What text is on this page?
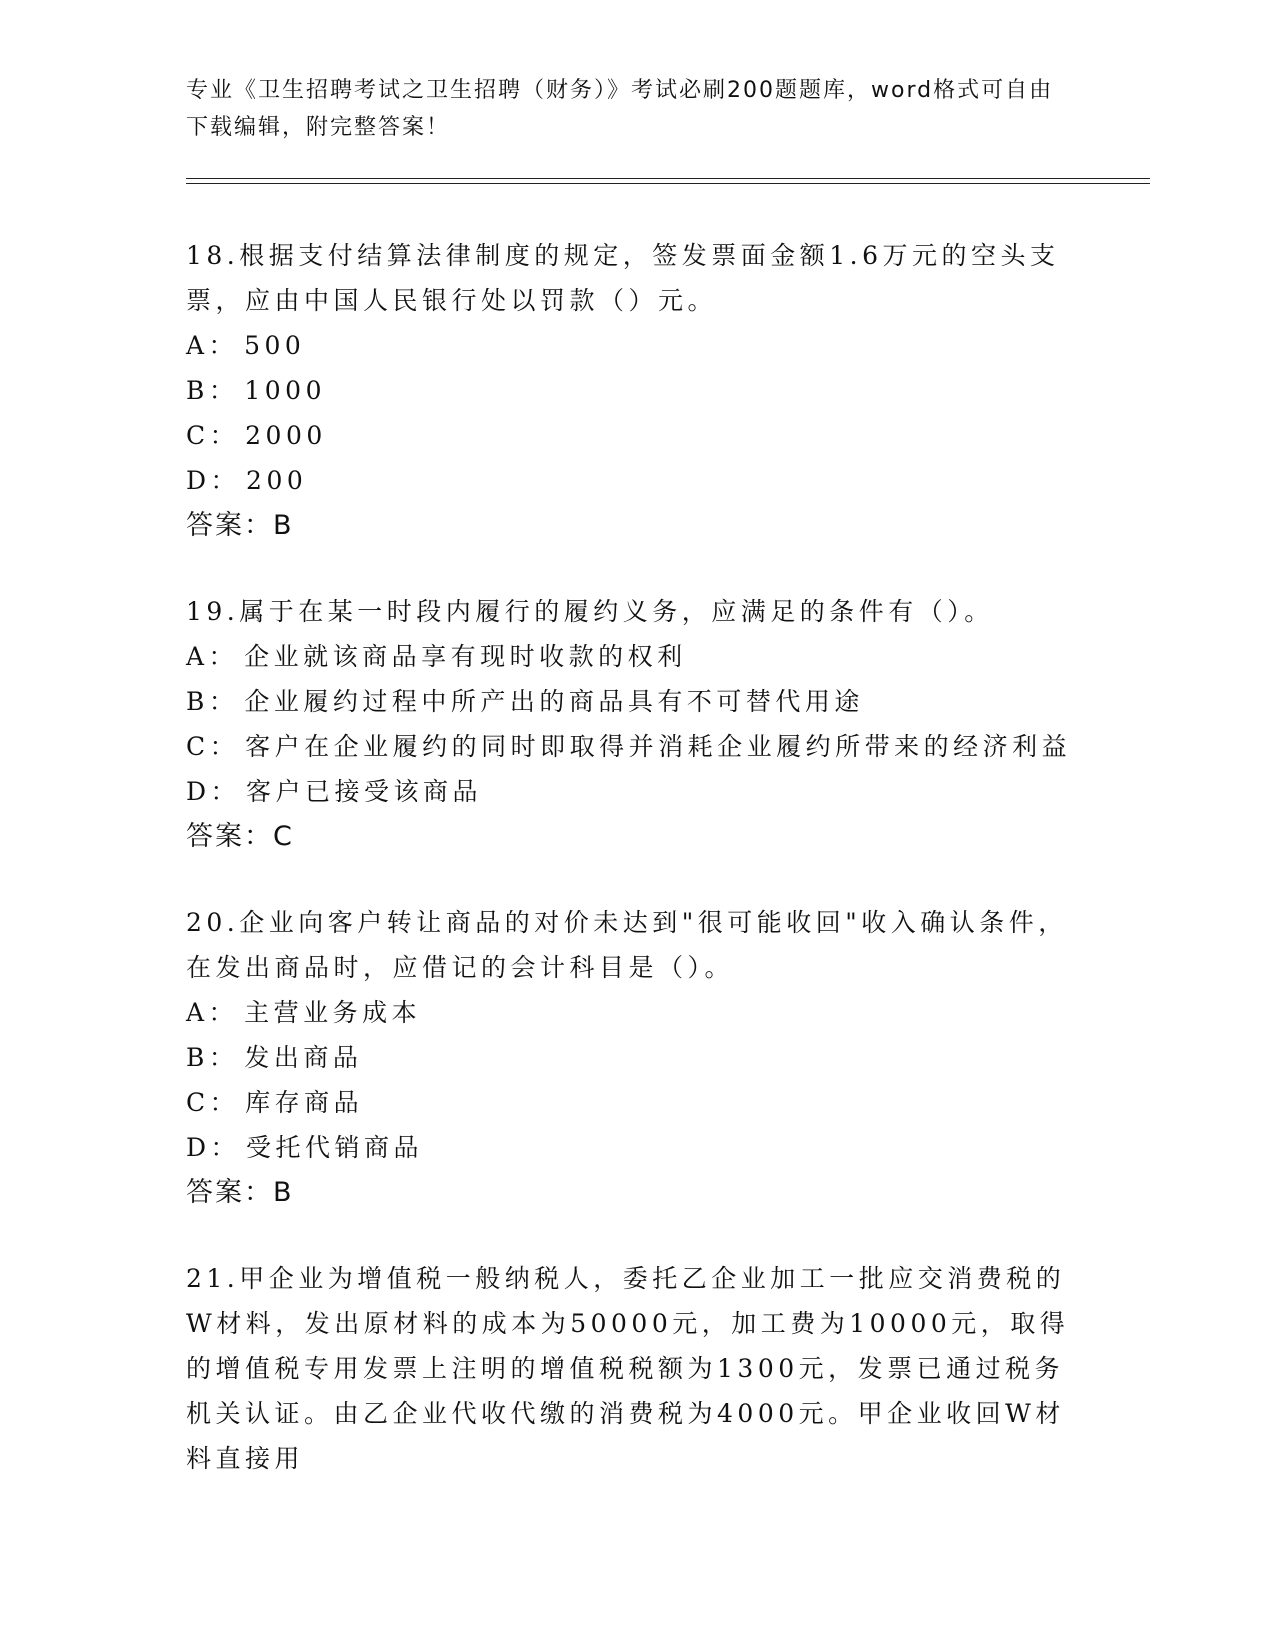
专业《卫生招聘考试之卫生招聘（财务）》考试必刷200题题库，word格式可自由下载编辑，附完整答案！
18.根据支付结算法律制度的规定，签发票面金额1.6万元的空头支票，应由中国人民银行处以罚款（）元。
A： 500
B： 1000
C： 2000
D： 200
答案：B
19.属于在某一时段内履行的履约义务，应满足的条件有（）。
A： 企业就该商品享有现时收款的权利
B： 企业履约过程中所产出的商品具有不可替代用途
C： 客户在企业履约的同时即取得并消耗企业履约所带来的经济利益
D： 客户已接受该商品
答案：C
20.企业向客户转让商品的对价未达到"很可能收回"收入确认条件，在发出商品时，应借记的会计科目是（）。
A： 主营业务成本
B： 发出商品
C： 库存商品
D： 受托代销商品
答案：B
21.甲企业为增值税一般纳税人，委托乙企业加工一批应交消费税的W材料，发出原材料的成本为50000元，加工费为10000元，取得的增值税专用发票上注明的增值税税额为1300元，发票已通过税务机关认证。由乙企业代收代缴的消费税为4000元。甲企业收回W材料直接用
